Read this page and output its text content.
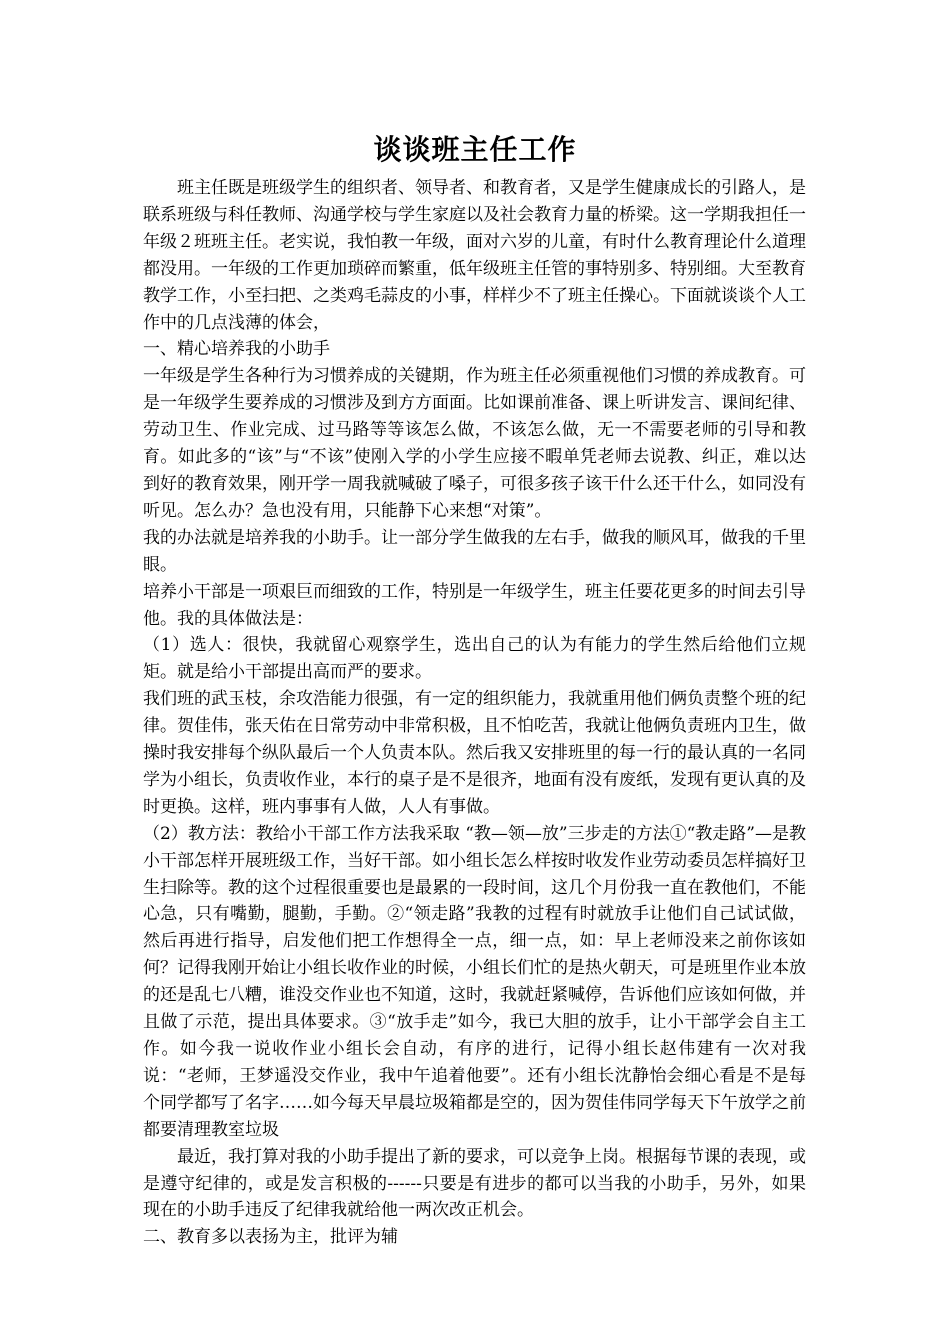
谈谈班主任工作

班主任既是班级学生的组织者、领导者、和教育者，又是学生健康成长的引路人，是联系班级与科任教师、沟通学校与学生家庭以及社会教育力量的桥梁。这一学期我担任一年级２班班主任。老实说，我怕教一年级，面对六岁的儿童，有时什么教育理论什么道理都没用。一年级的工作更加琐碎而繁重，低年级班主任管的事特别多、特别细。大至教育教学工作，小至扫把、之类鸡毛蒜皮的小事，样样少不了班主任操心。下面就谈谈个人工作中的几点浅薄的体会，

一、精心培养我的小助手

一年级是学生各种行为习惯养成的关键期，作为班主任必须重视他们习惯的养成教育。可是一年级学生要养成的习惯涉及到方方面面。比如课前准备、课上听讲发言、课间纪律、劳动卫生、作业完成、过马路等等该怎么做，不该怎么做，无一不需要老师的引导和教育。如此多的“该”与“不该”使刚入学的小学生应接不暇单凭老师去说教、纠正，难以达到好的教育效果，刚开学一周我就喊破了嗓子，可很多孩子该干什么还干什么，如同没有听见。怎么办？急也没有用，只能静下心来想“对策”。

我的办法就是培养我的小助手。让一部分学生做我的左右手，做我的顺风耳，做我的千里眼。

培养小干部是一项艰巨而细致的工作，特别是一年级学生，班主任要花更多的时间去引导他。我的具体做法是：

（1）选人：很快，我就留心观察学生，选出自己的认为有能力的学生然后给他们立规矩。就是给小干部提出高而严的要求。

我们班的武玉枝，余攻浩能力很强，有一定的组织能力，我就重用他们俩负责整个班的纪律。贺佳伟，张天佑在日常劳动中非常积极，且不怕吃苦，我就让他俩负责班内卫生，做操时我安排每个纵队最后一个人负责本队。然后我又安排班里的每一行的最认真的一名同学为小组长，负责收作业，本行的桌子是不是很齐，地面有没有废纸，发现有更认真的及时更换。这样，班内事事有人做，人人有事做。

（2）教方法：教给小干部工作方法我采取 “教—领—放”三步走的方法①“教走路”—是教小干部怎样开展班级工作，当好干部。如小组长怎么样按时收发作业劳动委员怎样搞好卫生扫除等。教的这个过程很重要也是最累的一段时间，这几个月份我一直在教他们，不能心急，只有嘴勤，腿勤，手勤。②“领走路”我教的过程有时就放手让他们自己试试做，然后再进行指导，启发他们把工作想得全一点，细一点，如：早上老师没来之前你该如何？记得我刚开始让小组长收作业的时候，小组长们忙的是热火朝天，可是班里作业本放的还是乱七八糟，谁没交作业也不知道，这时，我就赶紧喊停，告诉他们应该如何做，并且做了示范，提出具体要求。③“放手走”如今，我已大胆的放手，让小干部学会自主工作。如今我一说收作业小组长会自动，有序的进行，记得小组长赵伟建有一次对我说：“老师，王梦遥没交作业，我中午追着他要”。还有小组长沈静怡会细心看是不是每个同学都写了名字……如今每天早晨垃圾箱都是空的，因为贺佳伟同学每天下午放学之前都要清理教室垃圾

最近，我打算对我的小助手提出了新的要求，可以竞争上岗。根据每节课的表现，或是遵守纪律的，或是发言积极的------只要是有进步的都可以当我的小助手，另外，如果现在的小助手违反了纪律我就给他一两次改正机会。

二、教育多以表扬为主，批评为辅
